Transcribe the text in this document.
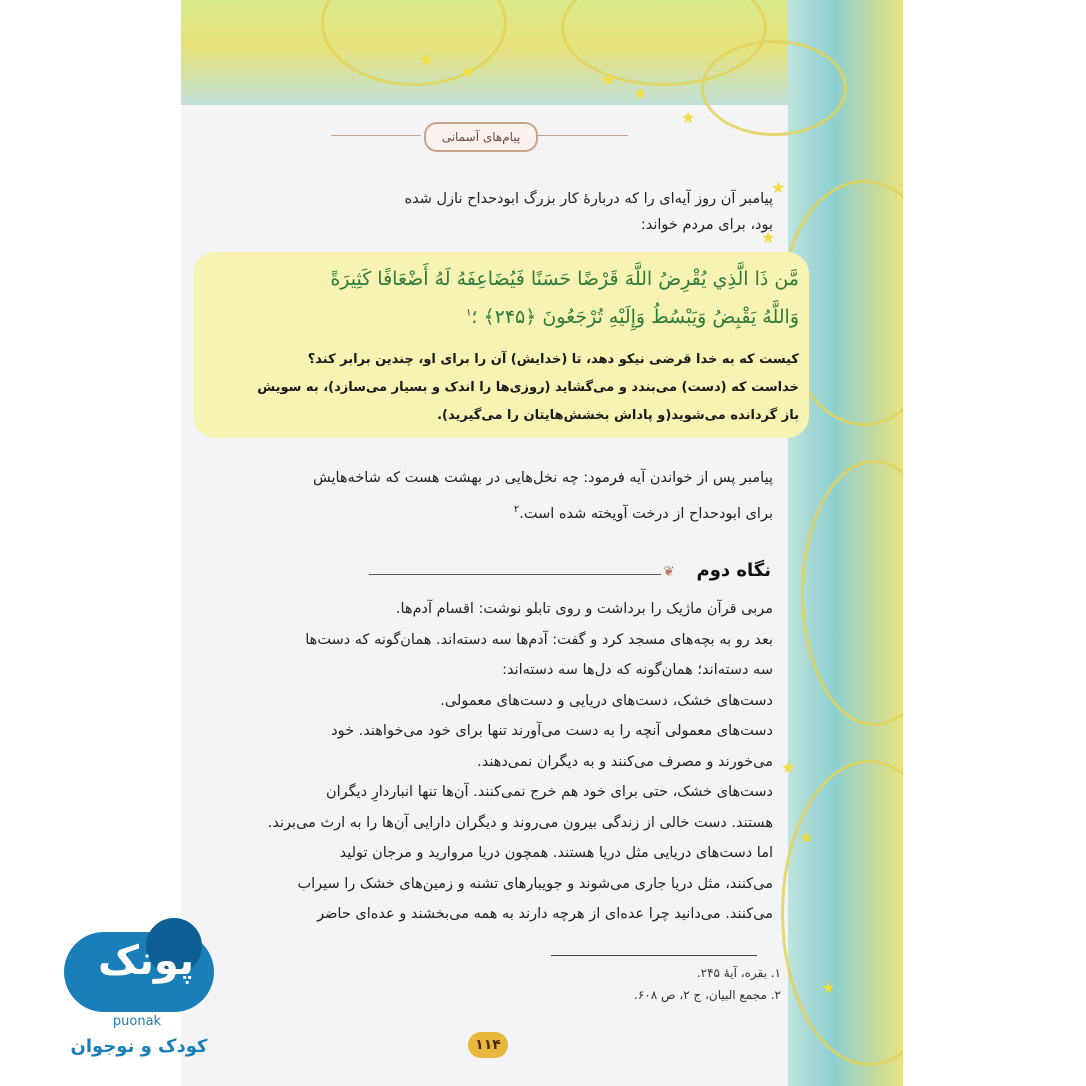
★
★	★
★
★
★
★
★
★
★
پیام‌های آسمانی
پیامبر آن روز آیه‌ای را که دربارهٔ کار بزرگ ابودحداح نازل شده
بود، برای مردم خواند:
مَّن ذَا الَّذِي يُقْرِضُ اللَّهَ قَرْضًا حَسَنًا فَيُضَاعِفَهُ لَهُ أَضْعَافًا كَثِيرَةً
وَاللَّهُ يَقْبِضُ وَيَبْسُطُ وَإِلَيْهِ تُرْجَعُونَ ﴿۲۴۵﴾ ؛$^۱$
کیست که به خدا قرضی نیکو دهد، تا (خدایش) آن را برای او، چندین برابر کند؟
خداست که (دست) می‌بندد و می‌گشاید (روزی‌ها را اندک و بسیار می‌سازد)، به سویش
باز گردانده می‌شوید(و پاداش بخشش‌هایتان را می‌گیرید).
پیامبر پس از خواندن آیه فرمود: چه نخل‌هایی در بهشت هست که شاخه‌هایش
برای ابودحداح از درخت آویخته شده است.$^۲$
نگاه دوم
❦
مربی قرآن ماژیک را برداشت و روی تابلو نوشت: اقسام آدم‌ها.
بعد رو به بچه‌های مسجد کرد و گفت: آدم‌ها سه دسته‌اند. همان‌گونه که دست‌ها
سه دسته‌اند؛ همان‌گونه که دل‌ها سه دسته‌اند:
دست‌های خشک، دست‌های دریایی و دست‌های معمولی.
دست‌های معمولی آنچه را به دست می‌آورند تنها برای خود می‌خواهند. خود
می‌خورند و مصرف می‌کنند و به دیگران نمی‌دهند.
دست‌های خشک، حتی برای خود هم خرج نمی‌کنند. آن‌ها تنها انباردارِ دیگران
هستند. دست خالی از زندگی بیرون می‌روند و دیگران دارایی آن‌ها را به ارث می‌برند.
اما دست‌های دریایی مثل دریا هستند. همچون دریا مروارید و مرجان تولید
می‌کنند، مثل دریا جاری می‌شوند و جویبارهای تشنه و زمین‌های خشک را سیراب
می‌کنند. می‌دانید چرا عده‌ای از هرچه دارند به همه می‌بخشند و عده‌ای حاضر
۱. بقره، آیهٔ ۲۴۵.
۲. مجمع البیان، ج ۲، ص ۶۰۸.
۱۱۴
پونک
puonak
کودک و نوجوان
